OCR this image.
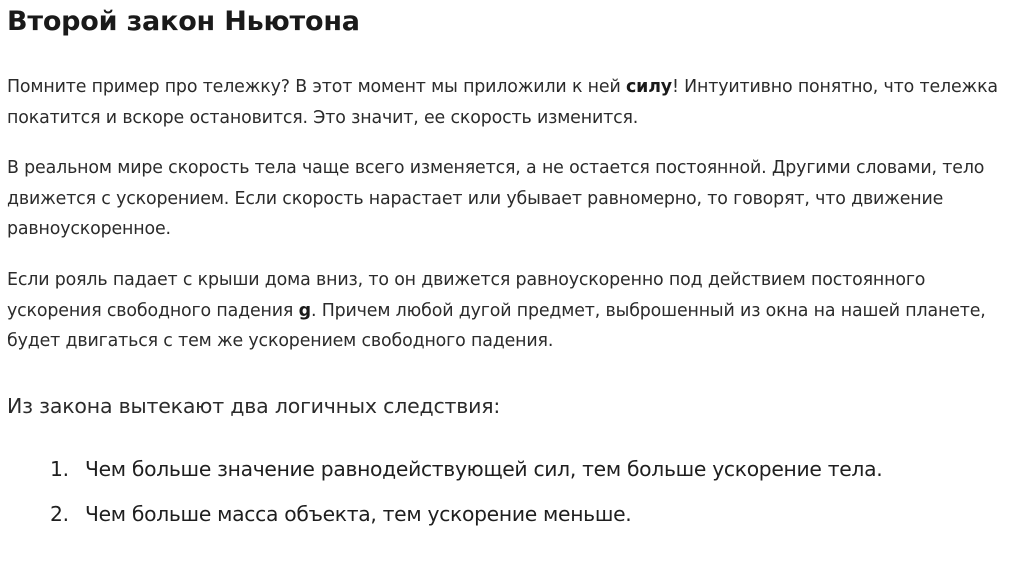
Второй закон Ньютона

Помните пример про тележку? В этот момент мы приложили к ней силу! Интуитивно понятно, что тележка покатится и вскоре остановится. Это значит, ее скорость изменится.

В реальном мире скорость тела чаще всего изменяется, а не остается постоянной. Другими словами, тело движется с ускорением. Если скорость нарастает или убывает равномерно, то говорят, что движение равноускоренное.

Если рояль падает с крыши дома вниз, то он движется равноускоренно под действием постоянного ускорения свободного падения g. Причем любой дугой предмет, выброшенный из окна на нашей планете, будет двигаться с тем же ускорением свободного падения.

Из закона вытекают два логичных следствия:

1. Чем больше значение равнодействующей сил, тем больше ускорение тела.
2. Чем больше масса объекта, тем ускорение меньше.
